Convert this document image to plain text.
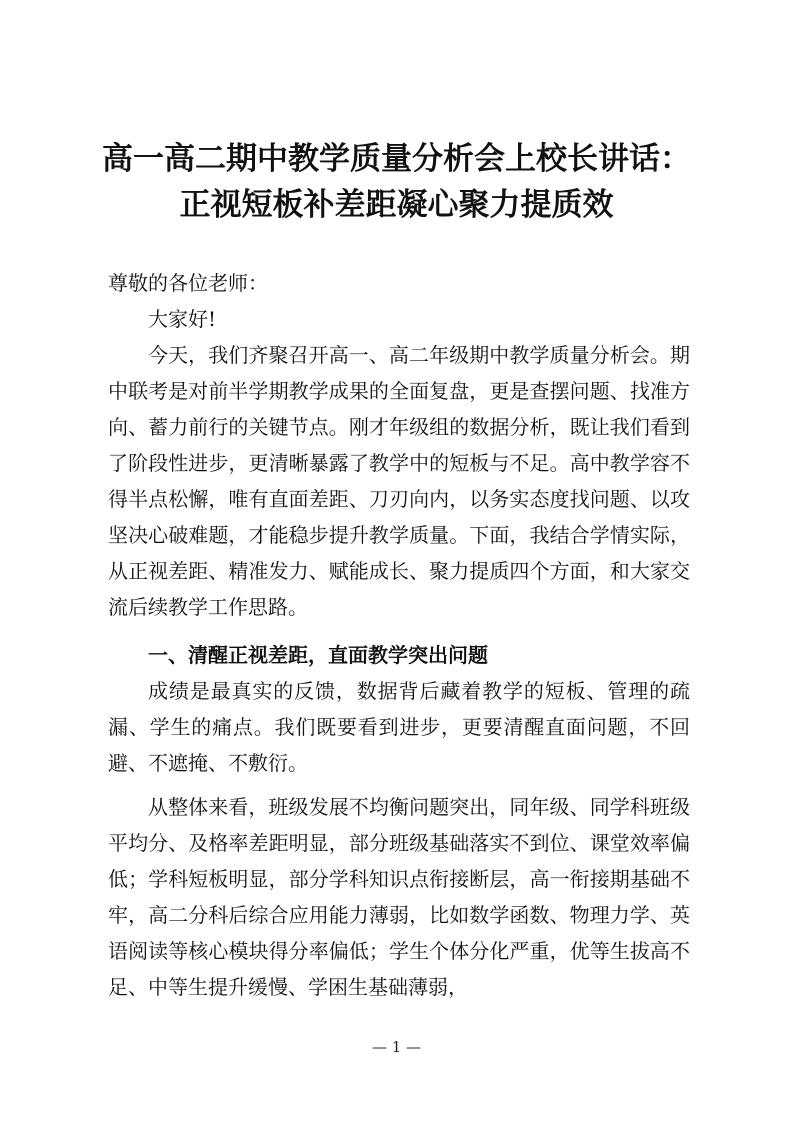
高一高二期中教学质量分析会上校长讲话：
正视短板补差距凝心聚力提质效
尊敬的各位老师：
大家好!
今天，我们齐聚召开高一、高二年级期中教学质量分析会。期中联考是对前半学期教学成果的全面复盘，更是查摆问题、找准方向、蓄力前行的关键节点。刚才年级组的数据分析，既让我们看到了阶段性进步，更清晰暴露了教学中的短板与不足。高中教学容不得半点松懈，唯有直面差距、刀刃向内，以务实态度找问题、以攻坚决心破难题，才能稳步提升教学质量。下面，我结合学情实际，从正视差距、精准发力、赋能成长、聚力提质四个方面，和大家交流后续教学工作思路。
一、清醒正视差距，直面教学突出问题
成绩是最真实的反馈，数据背后藏着教学的短板、管理的疏漏、学生的痛点。我们既要看到进步，更要清醒直面问题，不回避、不遮掩、不敷衍。
从整体来看，班级发展不均衡问题突出，同年级、同学科班级平均分、及格率差距明显，部分班级基础落实不到位、课堂效率偏低；学科短板明显，部分学科知识点衔接断层，高一衔接期基础不牢，高二分科后综合应用能力薄弱，比如数学函数、物理力学、英语阅读等核心模块得分率偏低；学生个体分化严重，优等生拔高不足、中等生提升缓慢、学困生基础薄弱，
— 1 —
